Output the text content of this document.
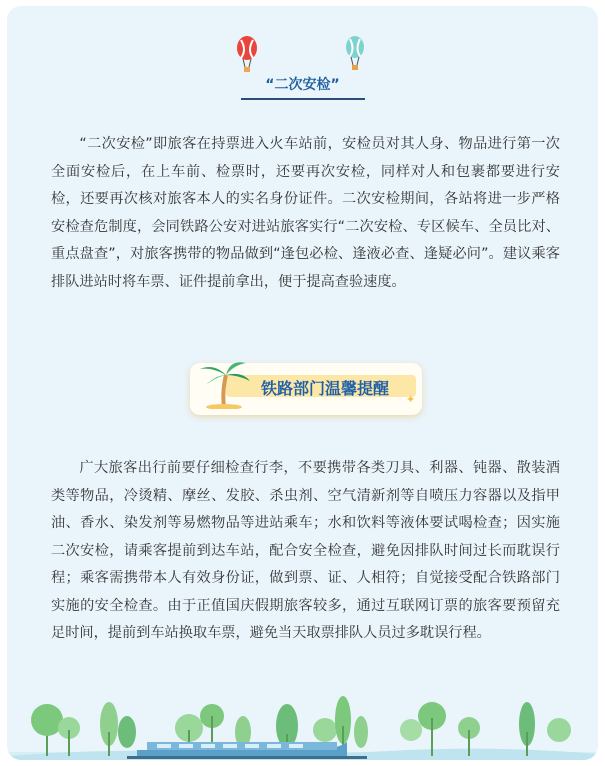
“二次安检”

“二次安检”即旅客在持票进入火车站前，安检员对其人身、物品进行第一次全面安检后，在上车前、检票时，还要再次安检，同样对人和包裹都要进行安检，还要再次核对旅客本人的实名身份证件。二次安检期间，各站将进一步严格安检查危制度，会同铁路公安对进站旅客实行“二次安检、专区候车、全员比对、重点盘查”，对旅客携带的物品做到“逢包必检、逢液必查、逢疑必问”。建议乘客排队进站时将车票、证件提前拿出，便于提高查验速度。

铁路部门温馨提醒
✦

广大旅客出行前要仔细检查行李，不要携带各类刀具、利器、钝器、散装酒类等物品，冷烫精、摩丝、发胶、杀虫剂、空气清新剂等自喷压力容器以及指甲油、香水、染发剂等易燃物品等进站乘车；水和饮料等液体要试喝检查；因实施二次安检，请乘客提前到达车站，配合安全检查，避免因排队时间过长而耽误行程；乘客需携带本人有效身份证，做到票、证、人相符；自觉接受配合铁路部门实施的安全检查。由于正值国庆假期旅客较多，通过互联网订票的旅客要预留充足时间，提前到车站换取车票，避免当天取票排队人员过多耽误行程。
